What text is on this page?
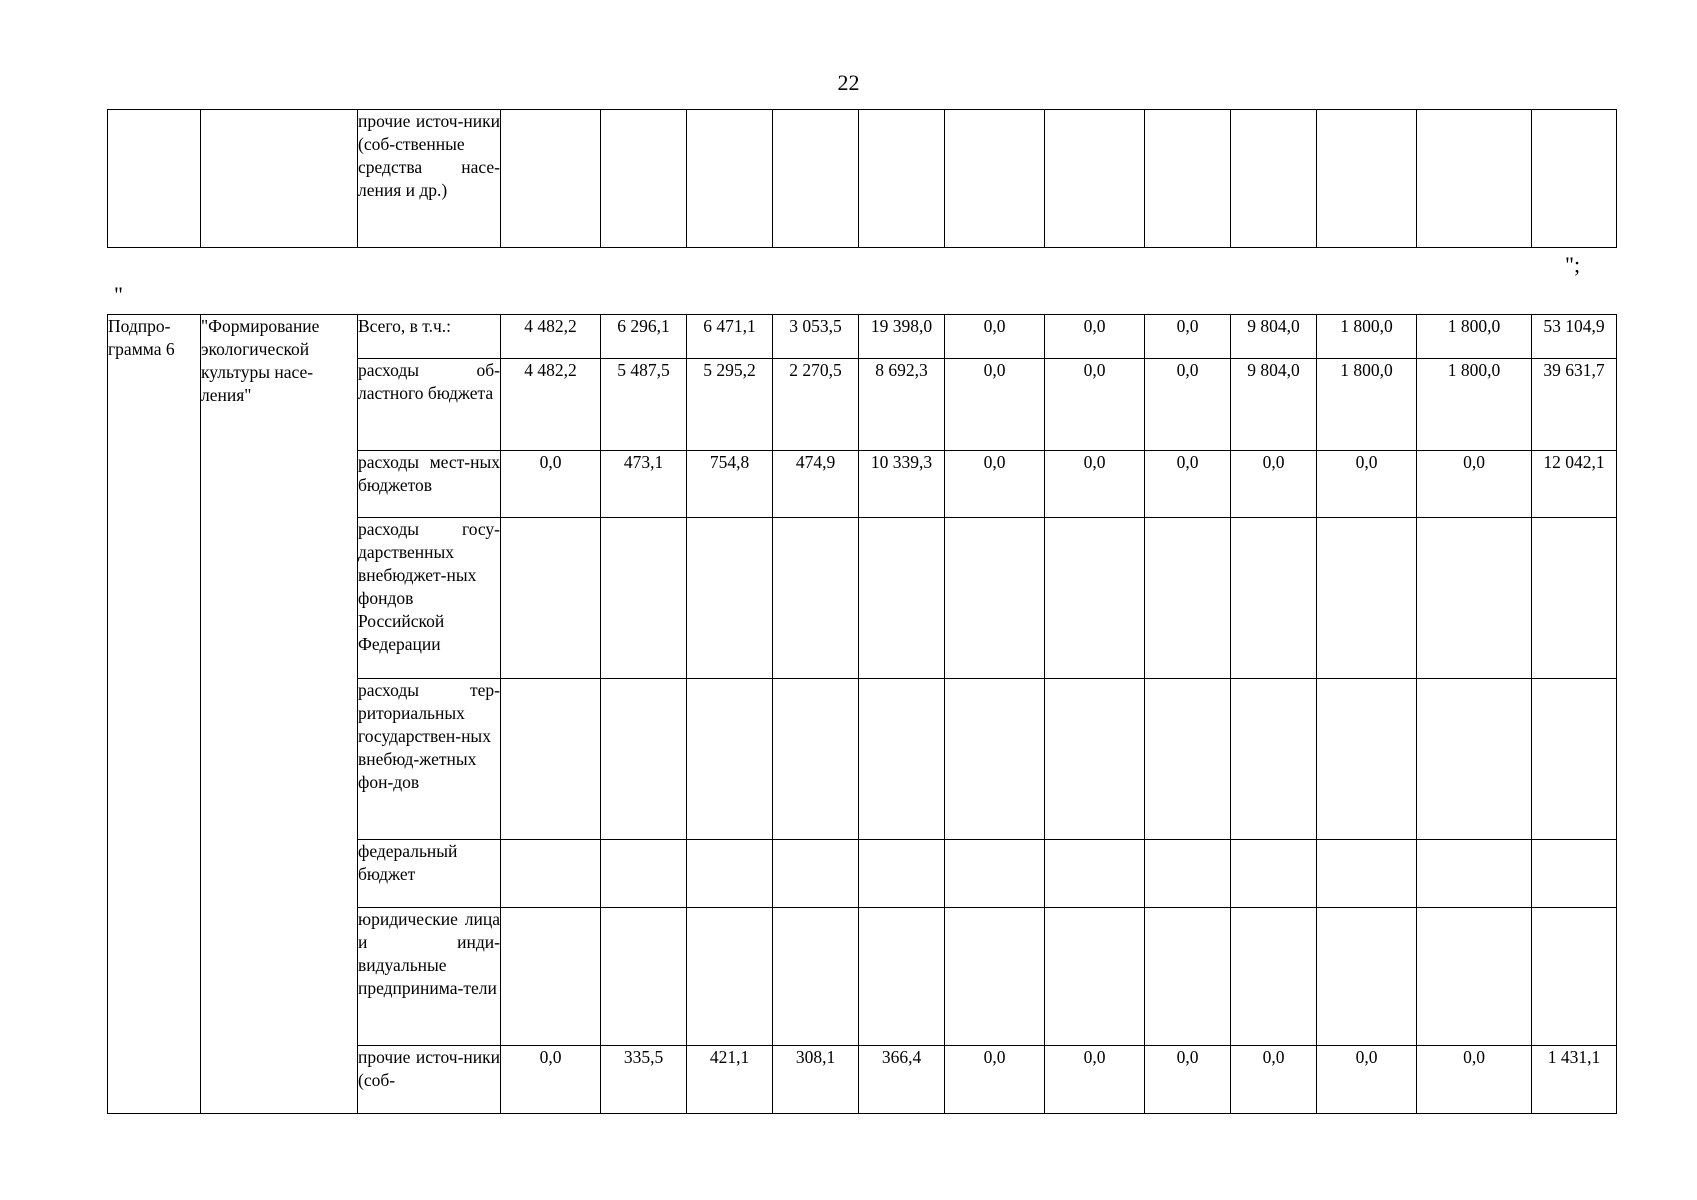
22
		прочие источ-ники (соб-ственные средства насе-ления и др.)												
";
"
Подпро-грамма 6	"Формирование экологической культуры насе-ления"	Всего, в т.ч.:	4 482,2	6 296,1	6 471,1	3 053,5	19 398,0	0,0	0,0	0,0	9 804,0	1 800,0	1 800,0	53 104,9
		расходы об-ластного бюджета	4 482,2	5 487,5	5 295,2	2 270,5	8 692,3	0,0	0,0	0,0	9 804,0	1 800,0	1 800,0	39 631,7
		расходы мест-ных бюджетов	0,0	473,1	754,8	474,9	10 339,3	0,0	0,0	0,0	0,0	0,0	0,0	12 042,1
		расходы госу-дарственных внебюджет-ных фондов Российской Федерации												
		расходы тер-риториальных государствен-ных внебюд-жетных фон-дов												
		федеральный бюджет												
		юридические лица и инди-видуальные предпринима-тели												
		прочие источ-ники (соб-	0,0	335,5	421,1	308,1	366,4	0,0	0,0	0,0	0,0	0,0	0,0	1 431,1
